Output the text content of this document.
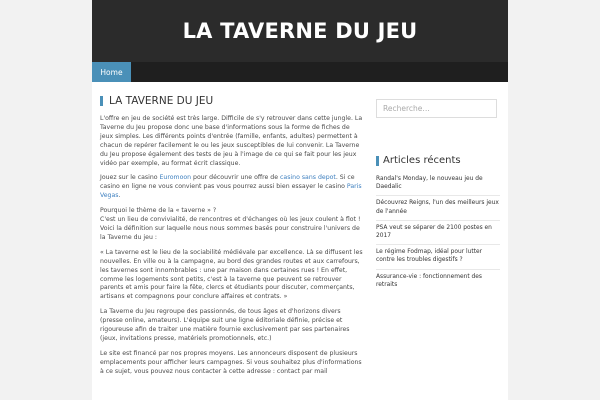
LA TAVERNE DU JEU
Home
LA TAVERNE DU JEU

L'offre en jeu de société est très large. Difficile de s'y retrouver dans cette jungle. La Taverne du Jeu propose donc une base d'informations sous la forme de fiches de jeux simples. Les différents points d'entrée (famille, enfants, adultes) permettent à chacun de repérer facilement le ou les jeux susceptibles de lui convenir. La Taverne du Jeu propose également des tests de jeu à l'image de ce qui se fait pour les jeux vidéo par exemple, au format écrit classique.

Jouez sur le casino Euromoon pour découvrir une offre de casino sans depot. Si ce casino en ligne ne vous convient pas vous pourrez aussi bien essayer le casino Paris Vegas.

Pourquoi le thème de la « taverne » ?
C'est un lieu de convivialité, de rencontres et d'échanges où les jeux coulent à flot ! Voici la définition sur laquelle nous nous sommes basés pour construire l'univers de la Taverne du jeu :

« La taverne est le lieu de la sociabilité médiévale par excellence. Là se diffusent les nouvelles. En ville ou à la campagne, au bord des grandes routes et aux carrefours, les tavernes sont innombrables : une par maison dans certaines rues ! En effet, comme les logements sont petits, c'est à la taverne que peuvent se retrouver parents et amis pour faire la fête, clercs et étudiants pour discuter, commerçants, artisans et compagnons pour conclure affaires et contrats. »

La Taverne du Jeu regroupe des passionnés, de tous âges et d'horizons divers (presse online, amateurs). L'équipe suit une ligne éditoriale définie, précise et rigoureuse afin de traiter une matière fournie exclusivement par ses partenaires (jeux, invitations presse, matériels promotionnels, etc.)

Le site est financé par nos propres moyens. Les annonceurs disposent de plusieurs emplacements pour afficher leurs campagnes. Si vous souhaitez plus d'informations à ce sujet, vous pouvez nous contacter à cette adresse : contact par mail

Recherche…
Articles récents
Randal's Monday, le nouveau jeu de Daedalic
Découvrez Reigns, l'un des meilleurs jeux de l'année
PSA veut se séparer de 2100 postes en 2017
Le régime Fodmap, idéal pour lutter contre les troubles digestifs ?
Assurance-vie : fonctionnement des retraits
